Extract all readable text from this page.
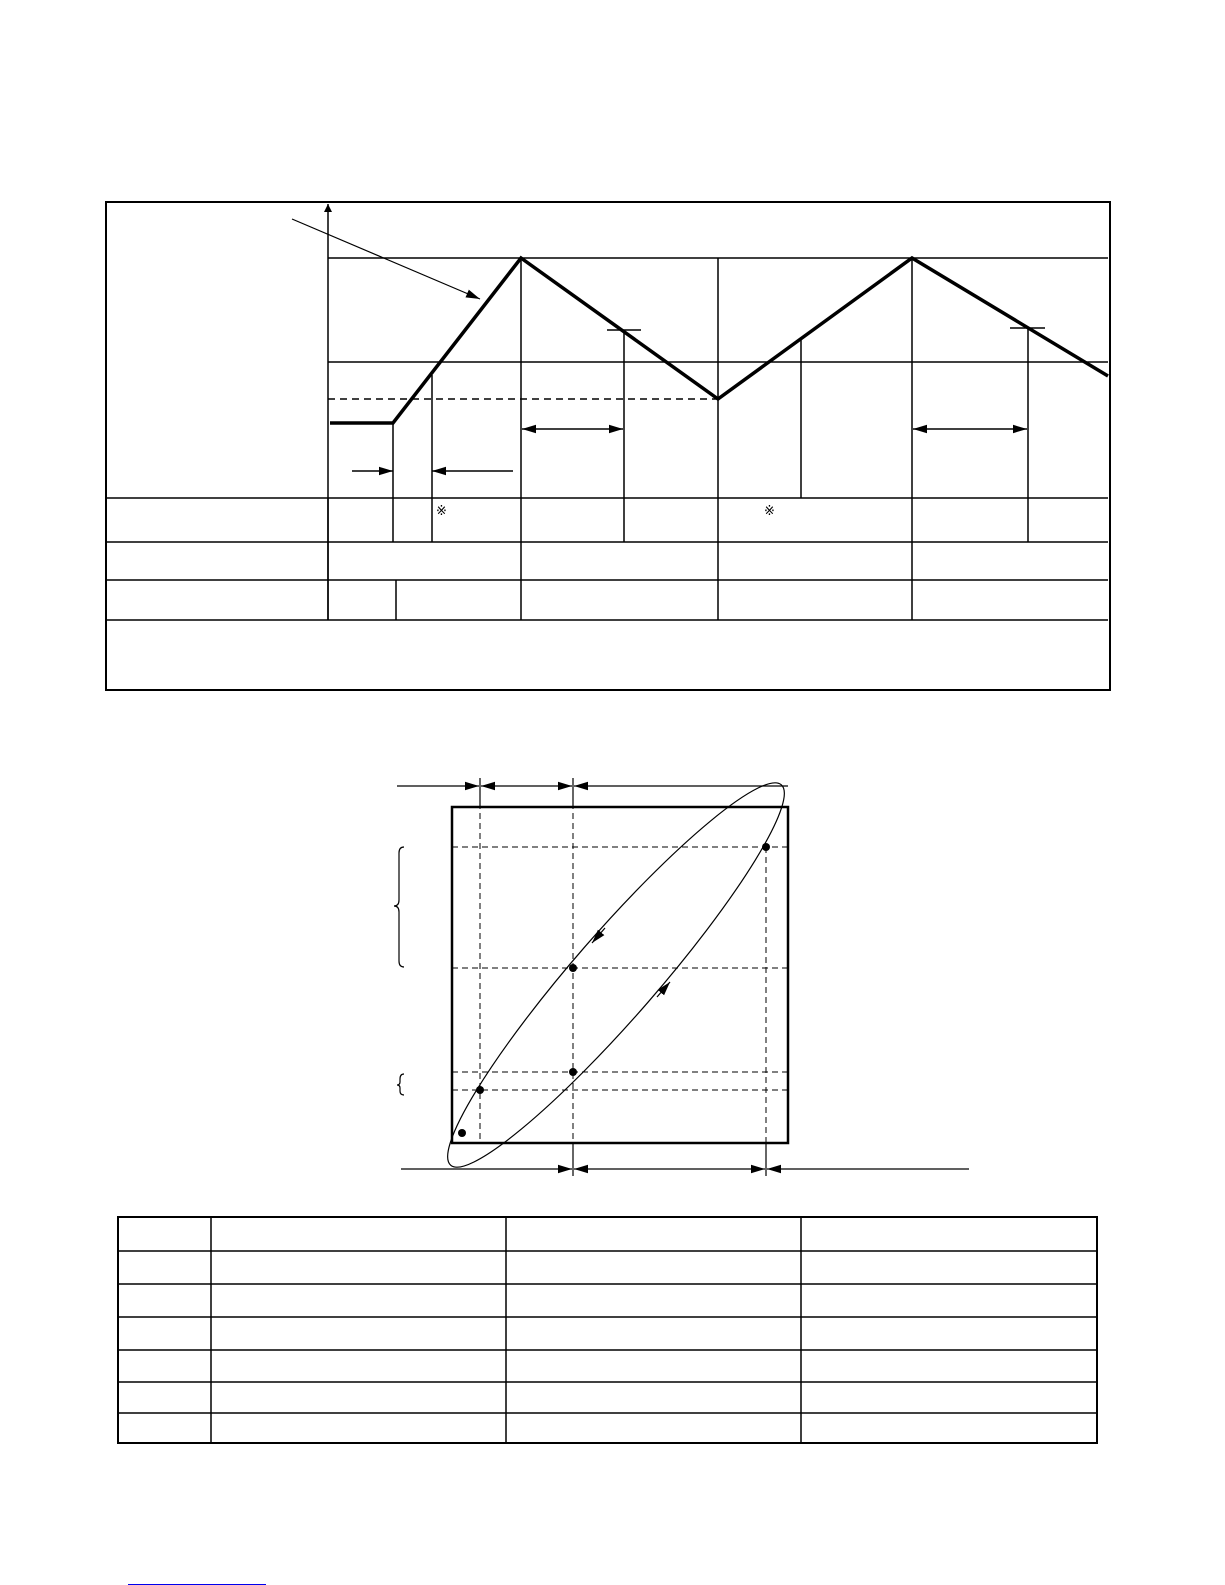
※	※
